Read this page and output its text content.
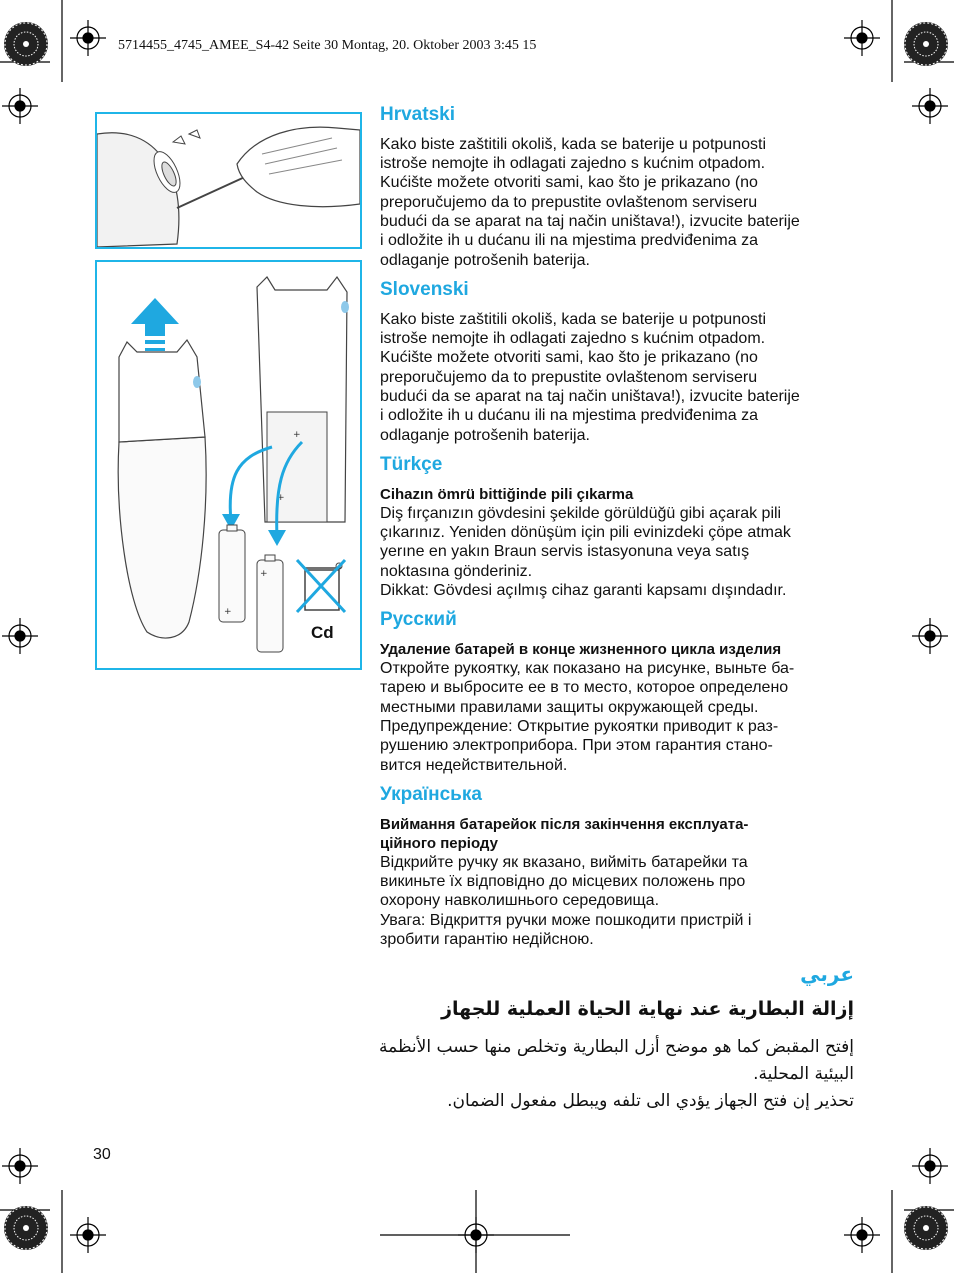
5714455_4745_AMEE_S4-42 Seite 30 Montag, 20. Oktober 2003 3:45 15
+
+
+
+
Cd
Hrvatski

Kako biste zaštitili okoliš, kada se baterije u potpunosti
istroše nemojte ih odlagati zajedno s kućnim otpadom.
Kućište možete otvoriti sami, kao što je prikazano (no
preporučujemo da to prepustite ovlaštenom serviseru
budući da se aparat na taj način uništava!), izvucite baterije
i odložite ih u dućanu ili na mjestima predviđenima za
odlaganje potrošenih baterija.

Slovenski

Kako biste zaštitili okoliš, kada se baterije u potpunosti
istroše nemojte ih odlagati zajedno s kućnim otpadom.
Kućište možete otvoriti sami, kao što je prikazano (no
preporučujemo da to prepustite ovlaštenom serviseru
budući da se aparat na taj način uništava!), izvucite baterije
i odložite ih u dućanu ili na mjestima predviđenima za
odlaganje potrošenih baterija.

Türkçe

Cihazın ömrü bittiğinde pili çıkarma

Diş fırçanızın gövdesini şekilde görüldüğü gibi açarak pili
çıkarınız. Yeniden dönüşüm için pili evinizdeki çöpe atmak
yerıne en yakın Braun servis istasyonuna veya satış
noktasına gönderiniz.
Dikkat: Gövdesi açılmış cihaz garanti kapsamı dışındadır.

Русский

Удаление батарей в конце жизненного цикла изделия

Откройте рукоятку, как показано на рисунке, выньте ба-
тарею и выбросите ее в то место, которое определено
местными правилами защиты окружающей среды.
Предупреждение: Открытие рукоятки приводит к раз-
рушению электроприбора. При этом гарантия стано-
вится недействительной.

Українська

Виймання батарейок після закінчення експлуата-
ційного періоду

Відкрийте ручку як вказано, вийміть батарейки та
викиньте їх відповідно до місцевих положень про
охорону навколишнього середовища.
Увага: Відкриття ручки може пошкодити пристрій і
зробити гарантію недійсною.

عربي
إزالة البطارية عند نهاية الحياة العملية للجهاز

إفتح المقبض كما هو موضح أزل البطارية وتخلص منها حسب الأنظمة
البيئية المحلية.
تحذير إن فتح الجهاز يؤدي الى تلفه ويبطل مفعول الضمان.

30
